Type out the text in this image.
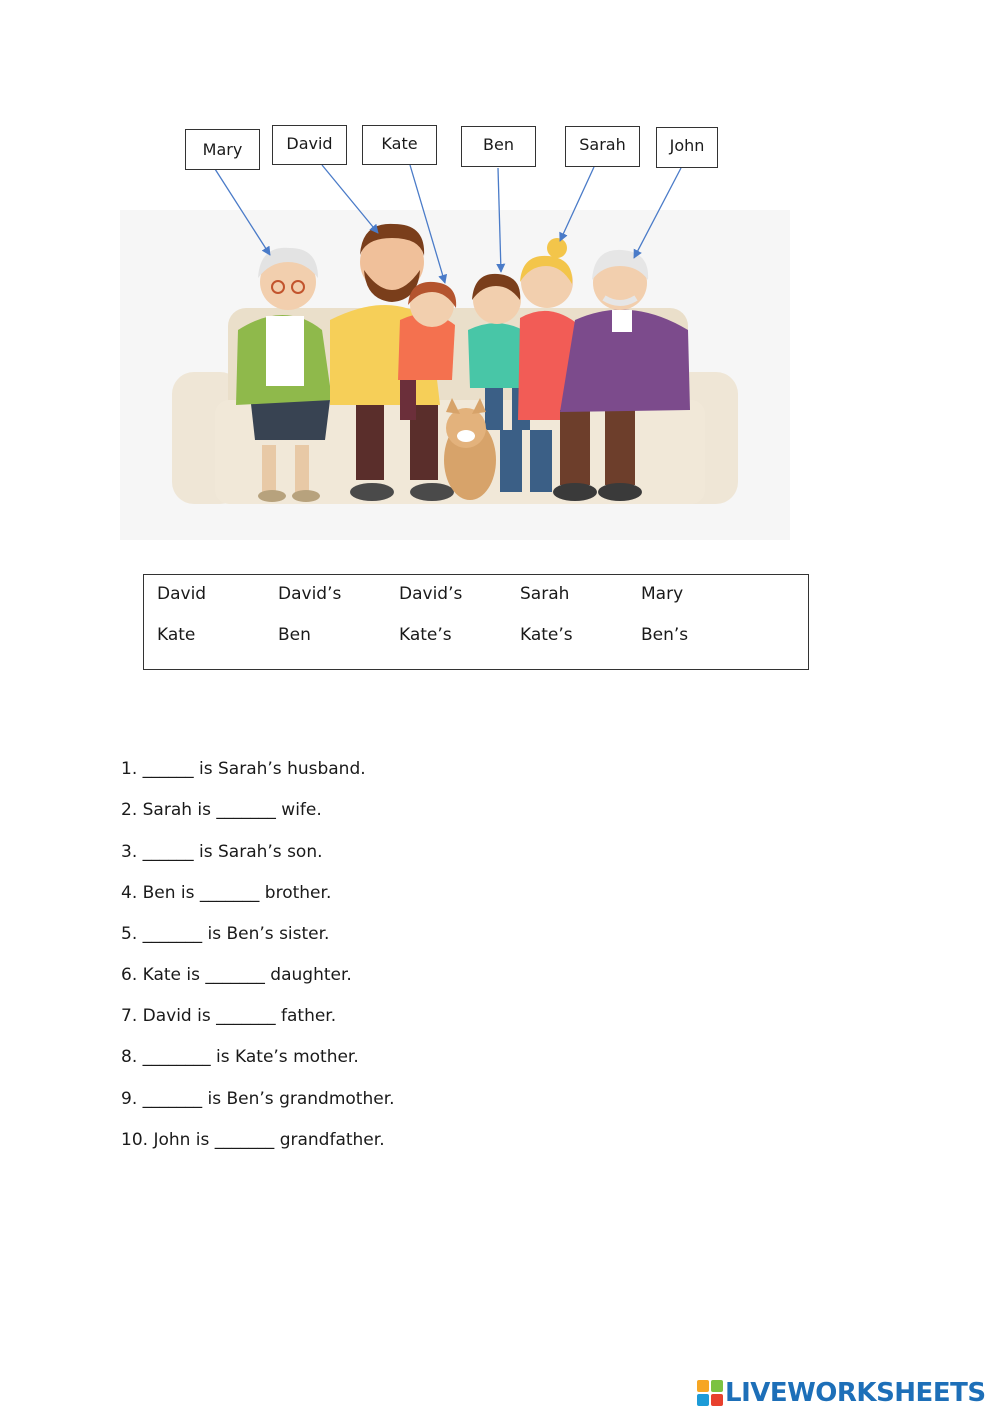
Mary	David	Kate	Ben	Sarah	John
David	David’s	David’s	Sarah	Mary
Kate	Ben	Kate’s	Kate’s	Ben’s
1. ______ is Sarah’s husband.
2. Sarah is _______ wife.
3. ______ is Sarah’s son.
4. Ben is _______ brother.
5. _______ is Ben’s sister.
6. Kate is _______ daughter.
7. David is _______ father.
8. ________ is Kate’s mother.
9. _______ is Ben’s grandmother.
10. John is _______ grandfather.
LIVEWORKSHEETS
